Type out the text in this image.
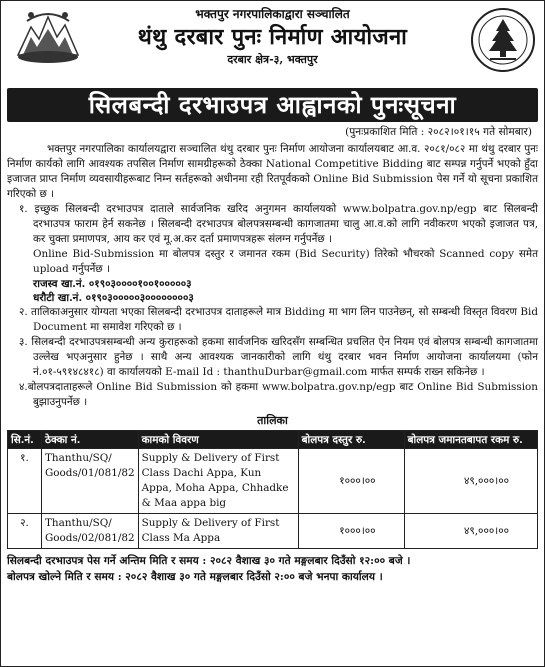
भक्तपुर नगरपालिकाद्वारा सञ्चालित
थंथु दरबार पुनः निर्माण आयोजना
दरबार क्षेत्र-३, भक्तपुर
सिलबन्दी दरभाउपत्र आह्वानको पुनःसूचना
(पुनःप्रकाशित मिति : २०८२।०१।१५ गते सोमबार)
भक्तपुर नगरपालिका कार्यालयद्वारा सञ्चालित थंथु दरबार पुनः निर्माण आयोजना कार्यालयबाट आ.व. २०८१/०८२ मा थंथु दरबार पुनः निर्माण कार्यको लागि आवश्यक तपसिल निर्माण सामग्रीहरूको ठेक्का National Competitive Bidding बाट सम्पन्न गर्नुपर्ने भएको हुँदा इजाजत प्राप्त निर्माण व्यवसायीहरूबाट निम्न सर्तहरूको अधीनमा रही रितपूर्वकको Online Bid Submission पेस गर्ने यो सूचना प्रकाशित गरिएको छ ।
१. इच्छुक सिलबन्दी दरभाउपत्र दाताले सार्वजनिक खरिद अनुगमन कार्यालयको www.bolpatra.gov.np/egp बाट सिलबन्दी दरभाउपत्र फाराम हेर्न सकनेछ । सिलबन्दी दरभाउपत्र बोलपत्रसम्बन्धी कागजातमा चालु आ.व.को लागि नवीकरण भएको इजाजत पत्र, कर चुक्ता प्रमाणपत्र, आय कर एवं मू.अ.कर दर्ता प्रमाणपत्रहरू संलग्न गर्नुपर्नेछ ।
Online Bid-Submission मा बोलपत्र दस्तुर र जमानत रकम (Bid Security) तिरेको भौचरको Scanned copy समेत upload गर्नुपर्नेछ ।
राजस्व खा.नं. ०१९०३००००१००१०००००३
धरौटी खा.नं. ०१९०३०००००३००००००००३
२. तालिकाअनुसार योग्यता भएका सिलबन्दी दरभाउपत्र दाताहरूले मात्र Bidding मा भाग लिन पाउनेछन्, सो सम्बन्धी विस्तृत विवरण Bid Document मा समावेश गरिएको छ ।
३. सिलबन्दी दरभाउपत्रसम्बन्धी अन्य कुराहरूको हकमा सार्वजनिक खरिदसँग सम्बन्धित प्रचलित ऐन नियम एवं बोलपत्र सम्बन्धी कागजातमा उल्लेख भएअनुसार हुनेछ । साथै अन्य आवश्यक जानकारीको लागि थंथु दरबार भवन निर्माण आयोजना कार्यालयमा (फोन नं.०१-५९१४८४१८) वा कार्यालयको E-mail Id : thanthuDurbar@gmail.com मार्फत सम्पर्क राख्न सकिनेछ ।
४.बोलपत्रदाताहरूले Online Bid Submission को हकमा www.bolpatra.gov.np/egp बाट Online Bid Submission बुझाउनुपर्नेछ ।
तालिका
सि.नं.	ठेक्का नं.	कामको विवरण	बोलपत्र दस्तुर रु.	बोलपत्र जमानतबापत रकम रु.
१.	Thanthu/SQ/ Goods/01/081/82	Supply & Delivery of First Class Dachi Appa, Kun Appa, Moha Appa, Chhadke & Maa appa big	१०००।००	४९,०००।००
२.	Thanthu/SQ/ Goods/02/081/82	Supply & Delivery of First Class Ma Appa	१०००।००	४९,०००।००
सिलबन्दी दरभाउपत्र पेस गर्ने अन्तिम मिति र समय : २०८२ वैशाख ३० गते मङ्गलबार दिउँसो १२:०० बजे ।
बोलपत्र खोल्ने मिति र समय : २०८२ वैशाख ३० गते मङ्गलबार दिउँसो २:०० बजे भनपा कार्यालय ।
